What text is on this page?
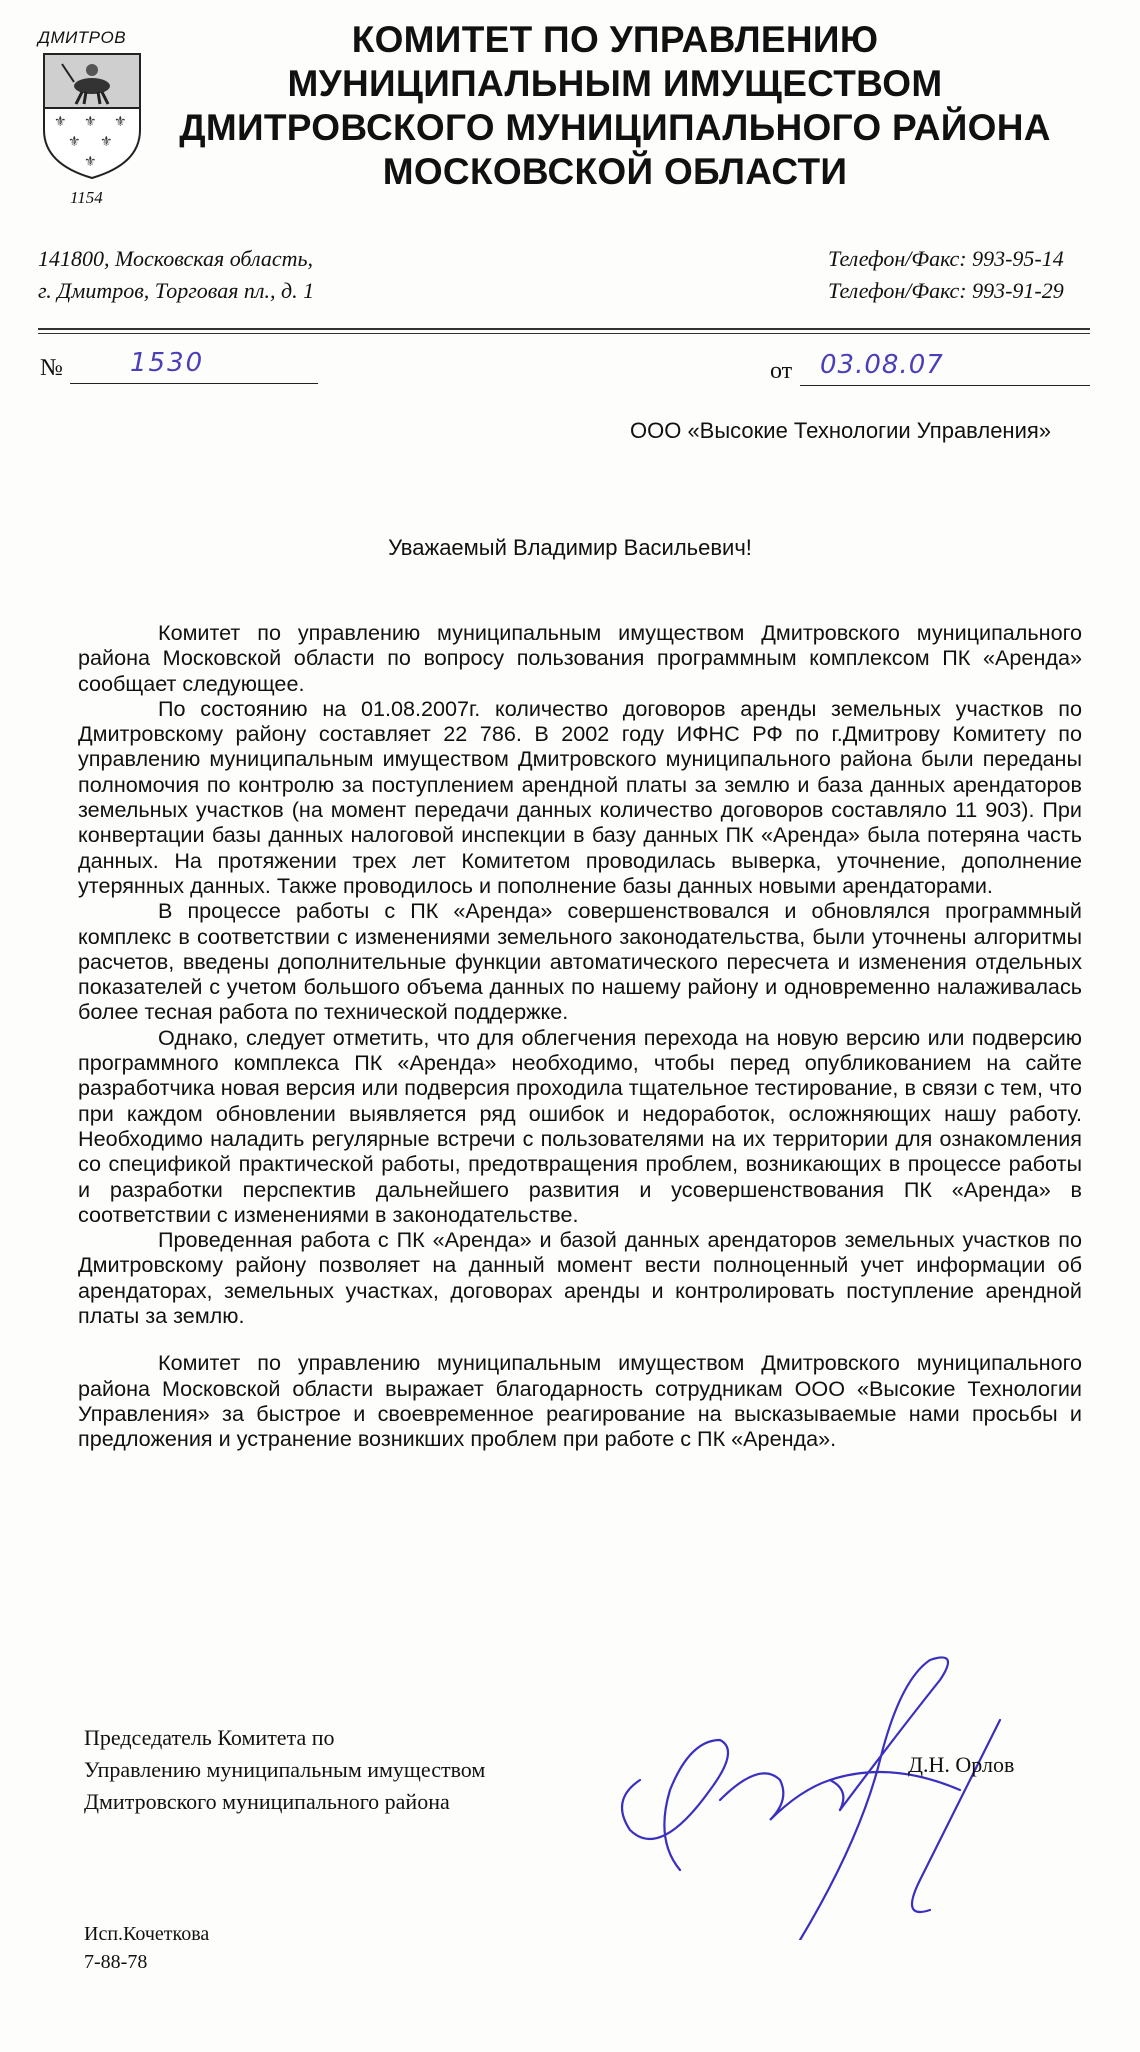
ДМИТРОВ
⚜ ⚜ ⚜
⚜ ⚜
⚜
1154
КОМИТЕТ ПО УПРАВЛЕНИЮ
МУНИЦИПАЛЬНЫМ ИМУЩЕСТВОМ
ДМИТРОВСКОГО МУНИЦИПАЛЬНОГО РАЙОНА
МОСКОВСКОЙ ОБЛАСТИ
141800, Московская область,
г. Дмитров, Торговая пл., д. 1
Телефон/Факс: 993-95-14
Телефон/Факс: 993-91-29
№	1530	от 03.08.07
ООО «Высокие Технологии Управления»
Уважаемый Владимир Васильевич!

Комитет по управлению муниципальным имуществом Дмитровского муниципального района Московской области по вопросу пользования программным комплексом ПК «Аренда» сообщает следующее.

По состоянию на 01.08.2007г. количество договоров аренды земельных участков по Дмитровскому району составляет 22 786. В 2002 году ИФНС РФ по г.Дмитрову Комитету по управлению муниципальным имуществом Дмитровского муниципального района были переданы полномочия по контролю за поступлением арендной платы за землю и база данных арендаторов земельных участков (на момент передачи данных количество договоров составляло 11 903). При конвертации базы данных налоговой инспекции в базу данных ПК «Аренда» была потеряна часть данных. На протяжении трех лет Комитетом проводилась выверка, уточнение, дополнение утерянных данных. Также проводилось и пополнение базы данных новыми арендаторами.

В процессе работы с ПК «Аренда» совершенствовался и обновлялся программный комплекс в соответствии с изменениями земельного законодательства, были уточнены алгоритмы расчетов, введены дополнительные функции автоматического пересчета и изменения отдельных показателей с учетом большого объема данных по нашему району и одновременно налаживалась более тесная работа по технической поддержке.

Однако, следует отметить, что для облегчения перехода на новую версию или подверсию программного комплекса ПК «Аренда» необходимо, чтобы перед опубликованием на сайте разработчика новая версия или подверсия проходила тщательное тестирование, в связи с тем, что при каждом обновлении выявляется ряд ошибок и недоработок, осложняющих нашу работу. Необходимо наладить регулярные встречи с пользователями на их территории для ознакомления со спецификой практической работы, предотвращения проблем, возникающих в процессе работы и разработки перспектив дальнейшего развития и усовершенствования ПК «Аренда» в соответствии с изменениями в законодательстве.

Проведенная работа с ПК «Аренда» и базой данных арендаторов земельных участков по Дмитровскому району позволяет на данный момент вести полноценный учет информации об арендаторах, земельных участках, договорах аренды и контролировать поступление арендной платы за землю.

Комитет по управлению муниципальным имуществом Дмитровского муниципального района Московской области выражает благодарность сотрудникам ООО «Высокие Технологии Управления» за быстрое и своевременное реагирование на высказываемые нами просьбы и предложения и устранение возникших проблем при работе с ПК «Аренда».

Председатель Комитета по
Управлению муниципальным имуществом
Дмитровского муниципального района
Д.Н. Орлов
Исп.Кочеткова
7-88-78
